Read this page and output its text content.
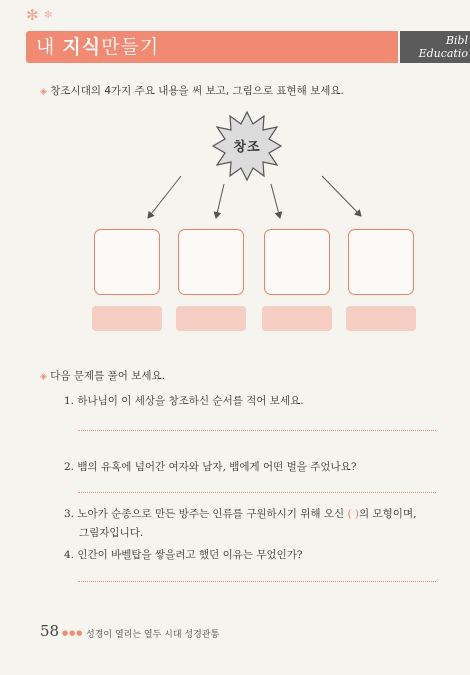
✻ ✻
내 지식만들기	Bibl
Educatio
◈ 창조시대의 4가지 주요 내용을 써 보고, 그림으로 표현해 보세요.
창조
◈ 다음 문제를 풀어 보세요.
1. 하나님이 이 세상을 창조하신 순서를 적어 보세요.
2. 뱀의 유혹에 넘어간 여자와 남자, 뱀에게 어떤 벌을 주었나요?
3. 노아가 순종으로 만든 방주는 인류를 구원하시기 위해 오신 ( )의 모형이며,
그림자입니다.
4. 인간이 바벨탑을 쌓을려고 했던 이유는 무었인가?
58 ●●● 성경이 열리는 열두 시대 성경관통
